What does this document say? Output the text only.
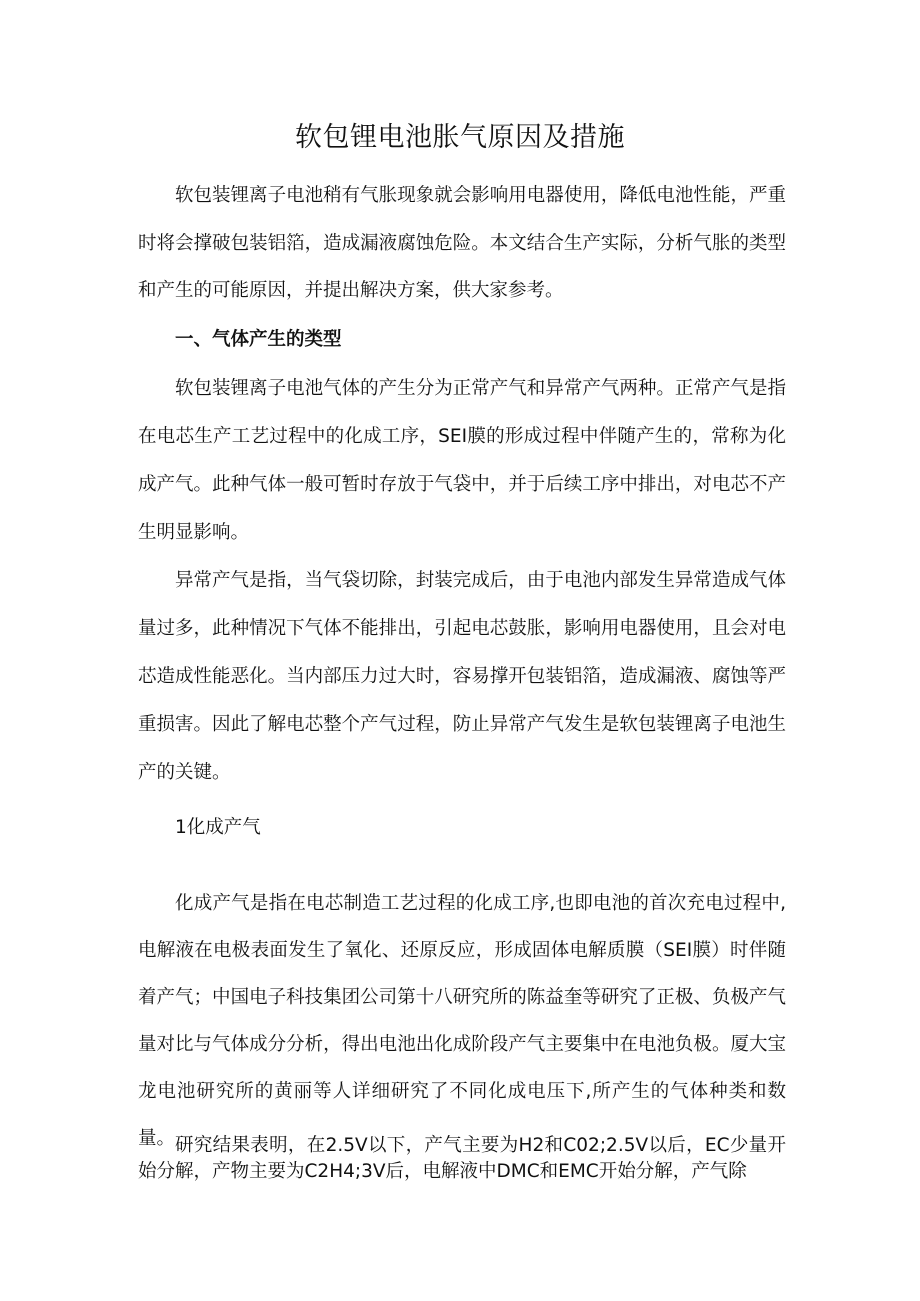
软包锂电池胀气原因及措施

软包装锂离子电池稍有气胀现象就会影响用电器使用，降低电池性能，严重时将会撑破包装铝箔，造成漏液腐蚀危险。本文结合生产实际，分析气胀的类型和产生的可能原因，并提出解决方案，供大家参考。

一、气体产生的类型

软包装锂离子电池气体的产生分为正常产气和异常产气两种。正常产气是指在电芯生产工艺过程中的化成工序，SEI膜的形成过程中伴随产生的，常称为化成产气。此种气体一般可暂时存放于气袋中，并于后续工序中排出，对电芯不产生明显影响。

异常产气是指，当气袋切除，封装完成后，由于电池内部发生异常造成气体量过多，此种情况下气体不能排出，引起电芯鼓胀，影响用电器使用，且会对电芯造成性能恶化。当内部压力过大时，容易撑开包装铝箔，造成漏液、腐蚀等严重损害。因此了解电芯整个产气过程，防止异常产气发生是软包装锂离子电池生产的关键。

1化成产气

化成产气是指在电芯制造工艺过程的化成工序,也即电池的首次充电过程中,电解液在电极表面发生了氧化、还原反应，形成固体电解质膜（SEI膜）时伴随着产气；中国电子科技集团公司第十八研究所的陈益奎等研究了正极、负极产气量对比与气体成分分析，得出电池出化成阶段产气主要集中在电池负极。厦大宝龙电池研究所的黄丽等人详细研究了不同化成电压下,所产生的气体种类和数量。 研究结果表明，在2.5V以下，产气主要为H2和C02;2.5V以后，EC少量开始分解，产物主要为C2H4;3V后，电解液中DMC和EMC开始分解，产气除
